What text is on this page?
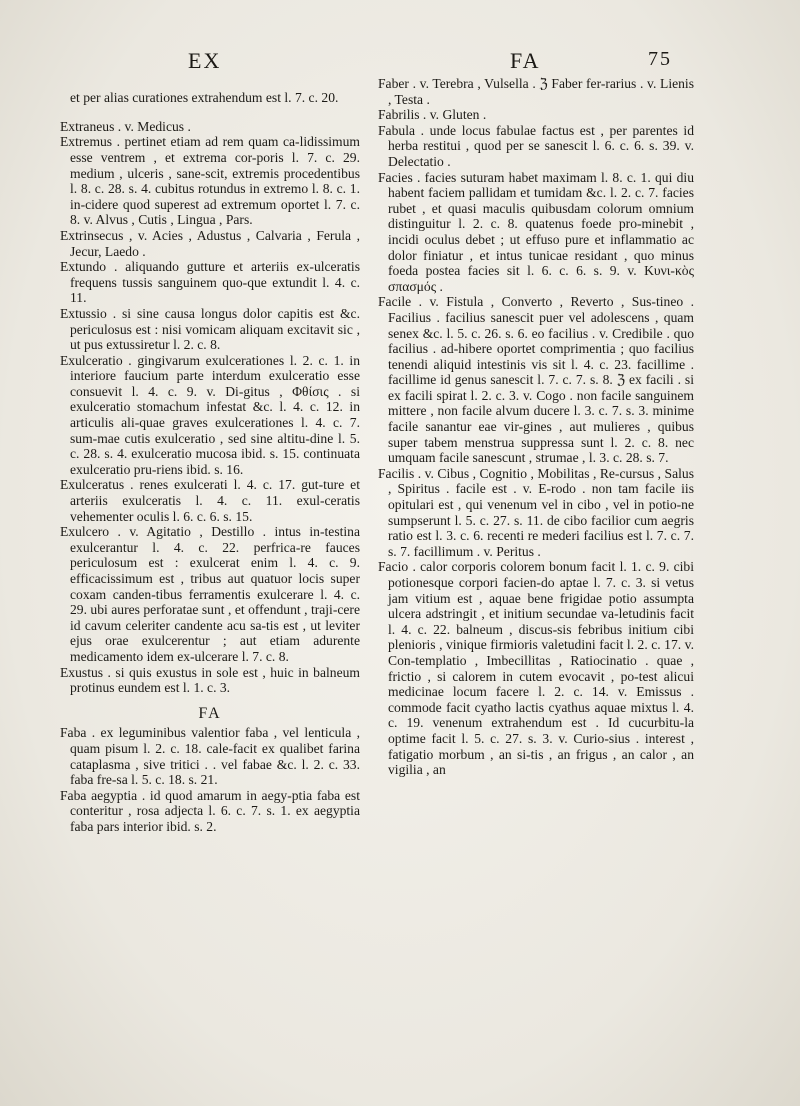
EX	FA	75

et per alias curationes extrahendum est l. 7. c. 20.

Extraneus . v. Medicus .

Extremus . pertinet etiam ad rem quam ca-lidissimum esse ventrem , et extrema cor-poris l. 7. c. 29. medium , ulceris , sane-scit, extremis procedentibus l. 8. c. 28. s. 4. cubitus rotundus in extremo l. 8. c. 1. in-cidere quod superest ad extremum oportet l. 7. c. 8. v. Alvus , Cutis , Lingua , Pars.

Extrinsecus , v. Acies , Adustus , Calvaria , Ferula , Jecur, Laedo .

Extundo . aliquando gutture et arteriis ex-ulceratis frequens tussis sanguinem quo-que extundit l. 4. c. 11.

Extussio . si sine causa longus dolor capitis est &c. periculosus est : nisi vomicam aliquam excitavit sic , ut pus extussiretur l. 2. c. 8.

Exulceratio . gingivarum exulcerationes l. 2. c. 1. in interiore faucium parte interdum exulceratio esse consuevit l. 4. c. 9. v. Di-gitus , Φθίσις . si exulceratio stomachum infestat &c. l. 4. c. 12. in articulis ali-quae graves exulcerationes l. 4. c. 7. sum-mae cutis exulceratio , sed sine altitu-dine l. 5. c. 28. s. 4. exulceratio mucosa ibid. s. 15. continuata exulceratio pru-riens ibid. s. 16.

Exulceratus . renes exulcerati l. 4. c. 17. gut-ture et arteriis exulceratis l. 4. c. 11. exul-ceratis vehementer oculis l. 6. c. 6. s. 15.

Exulcero . v. Agitatio , Destillo . intus in-testina exulcerantur l. 4. c. 22. perfrica-re fauces periculosum est : exulcerat enim l. 4. c. 9. efficacissimum est , tribus aut quatuor locis super coxam canden-tibus ferramentis exulcerare l. 4. c. 29. ubi aures perforatae sunt , et offendunt , traji-cere id cavum celeriter candente acu sa-tis est , ut leviter ejus orae exulcerentur ; aut etiam adurente medicamento idem ex-ulcerare l. 7. c. 8.

Exustus . si quis exustus in sole est , huic in balneum protinus eundem est l. 1. c. 3.

FA

Faba . ex leguminibus valentior faba , vel lenticula , quam pisum l. 2. c. 18. cale-facit ex qualibet farina cataplasma , sive tritici . . vel fabae &c. l. 2. c. 33. faba fre-sa l. 5. c. 18. s. 21.

Faba aegyptia . id quod amarum in aegy-ptia faba est conteritur , rosa adjecta l. 6. c. 7. s. 1. ex aegyptia faba pars interior ibid. s. 2.

Faber . v. Terebra , Vulsella . ℨ Faber fer-rarius . v. Lienis , Testa .

Fabrilis . v. Gluten .

Fabula . unde locus fabulae factus est , per parentes id herba restitui , quod per se sanescit l. 6. c. 6. s. 39. v. Delectatio .

Facies . facies suturam habet maximam l. 8. c. 1. qui diu habent faciem pallidam et tumidam &c. l. 2. c. 7. facies rubet , et quasi maculis quibusdam colorum omnium distinguitur l. 2. c. 8. quatenus foede pro-minebit , incidi oculus debet ; ut effuso pure et inflammatio ac dolor finiatur , et intus tunicae residant , quo minus foeda postea facies sit l. 6. c. 6. s. 9. v. Κυνι-κὸς σπασμός .

Facile . v. Fistula , Converto , Reverto , Sus-tineo . Facilius . facilius sanescit puer vel adolescens , quam senex &c. l. 5. c. 26. s. 6. eo facilius . v. Credibile . quo facilius . ad-hibere oportet comprimentia ; quo facilius tenendi aliquid intestinis vis sit l. 4. c. 23. facillime . facillime id genus sanescit l. 7. c. 7. s. 8. ℨ ex facili . si ex facili spirat l. 2. c. 3. v. Cogo . non facile sanguinem mittere , non facile alvum ducere l. 3. c. 7. s. 3. minime facile sanantur eae vir-gines , aut mulieres , quibus super tabem menstrua suppressa sunt l. 2. c. 8. nec umquam facile sanescunt , strumae , l. 3. c. 28. s. 7.

Facilis . v. Cibus , Cognitio , Mobilitas , Re-cursus , Salus , Spiritus . facile est . v. E-rodo . non tam facile iis opitulari est , qui venenum vel in cibo , vel in potio-ne sumpserunt l. 5. c. 27. s. 11. de cibo facilior cum aegris ratio est l. 3. c. 6. recenti re mederi facilius est l. 7. c. 7. s. 7. facillimum . v. Peritus .

Facio . calor corporis colorem bonum facit l. 1. c. 9. cibi potionesque corpori facien-do aptae l. 7. c. 3. si vetus jam vitium est , aquae bene frigidae potio assumpta ulcera adstringit , et initium secundae va-letudinis facit l. 4. c. 22. balneum , discus-sis febribus initium cibi plenioris , vinique firmioris valetudini facit l. 2. c. 17. v. Con-templatio , Imbecillitas , Ratiocinatio . quae , frictio , si calorem in cutem evocavit , po-test alicui medicinae locum facere l. 2. c. 14. v. Emissus . commode facit cyatho lactis cyathus aquae mixtus l. 4. c. 19. venenum extrahendum est . Id cucurbitu-la optime facit l. 5. c. 27. s. 3. v. Curio-sius . interest , fatigatio morbum , an si-tis , an frigus , an calor , an vigilia , an
